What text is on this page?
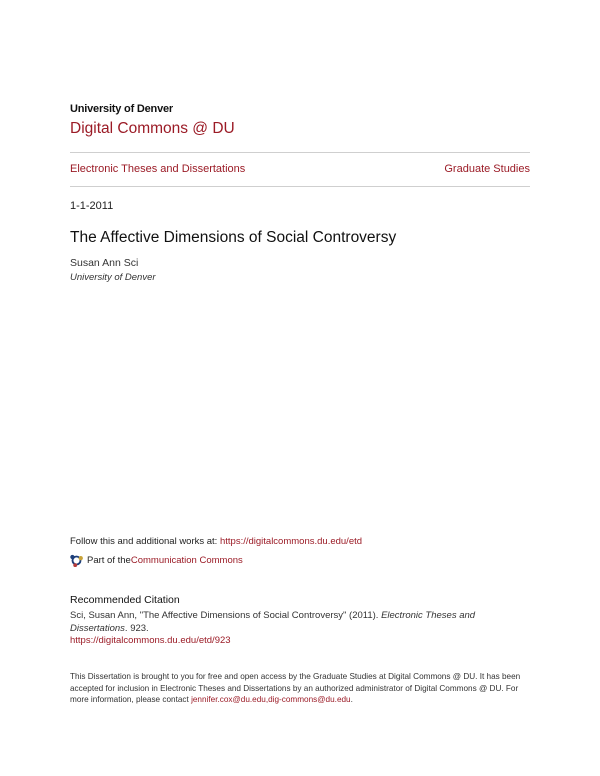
University of Denver
Digital Commons @ DU
Electronic Theses and Dissertations	Graduate Studies
1-1-2011
The Affective Dimensions of Social Controversy
Susan Ann Sci
University of Denver
Follow this and additional works at: https://digitalcommons.du.edu/etd
Part of the Communication Commons
Recommended Citation
Sci, Susan Ann, "The Affective Dimensions of Social Controversy" (2011). Electronic Theses and Dissertations. 923.
https://digitalcommons.du.edu/etd/923
This Dissertation is brought to you for free and open access by the Graduate Studies at Digital Commons @ DU. It has been accepted for inclusion in Electronic Theses and Dissertations by an authorized administrator of Digital Commons @ DU. For more information, please contact jennifer.cox@du.edu,dig-commons@du.edu.
